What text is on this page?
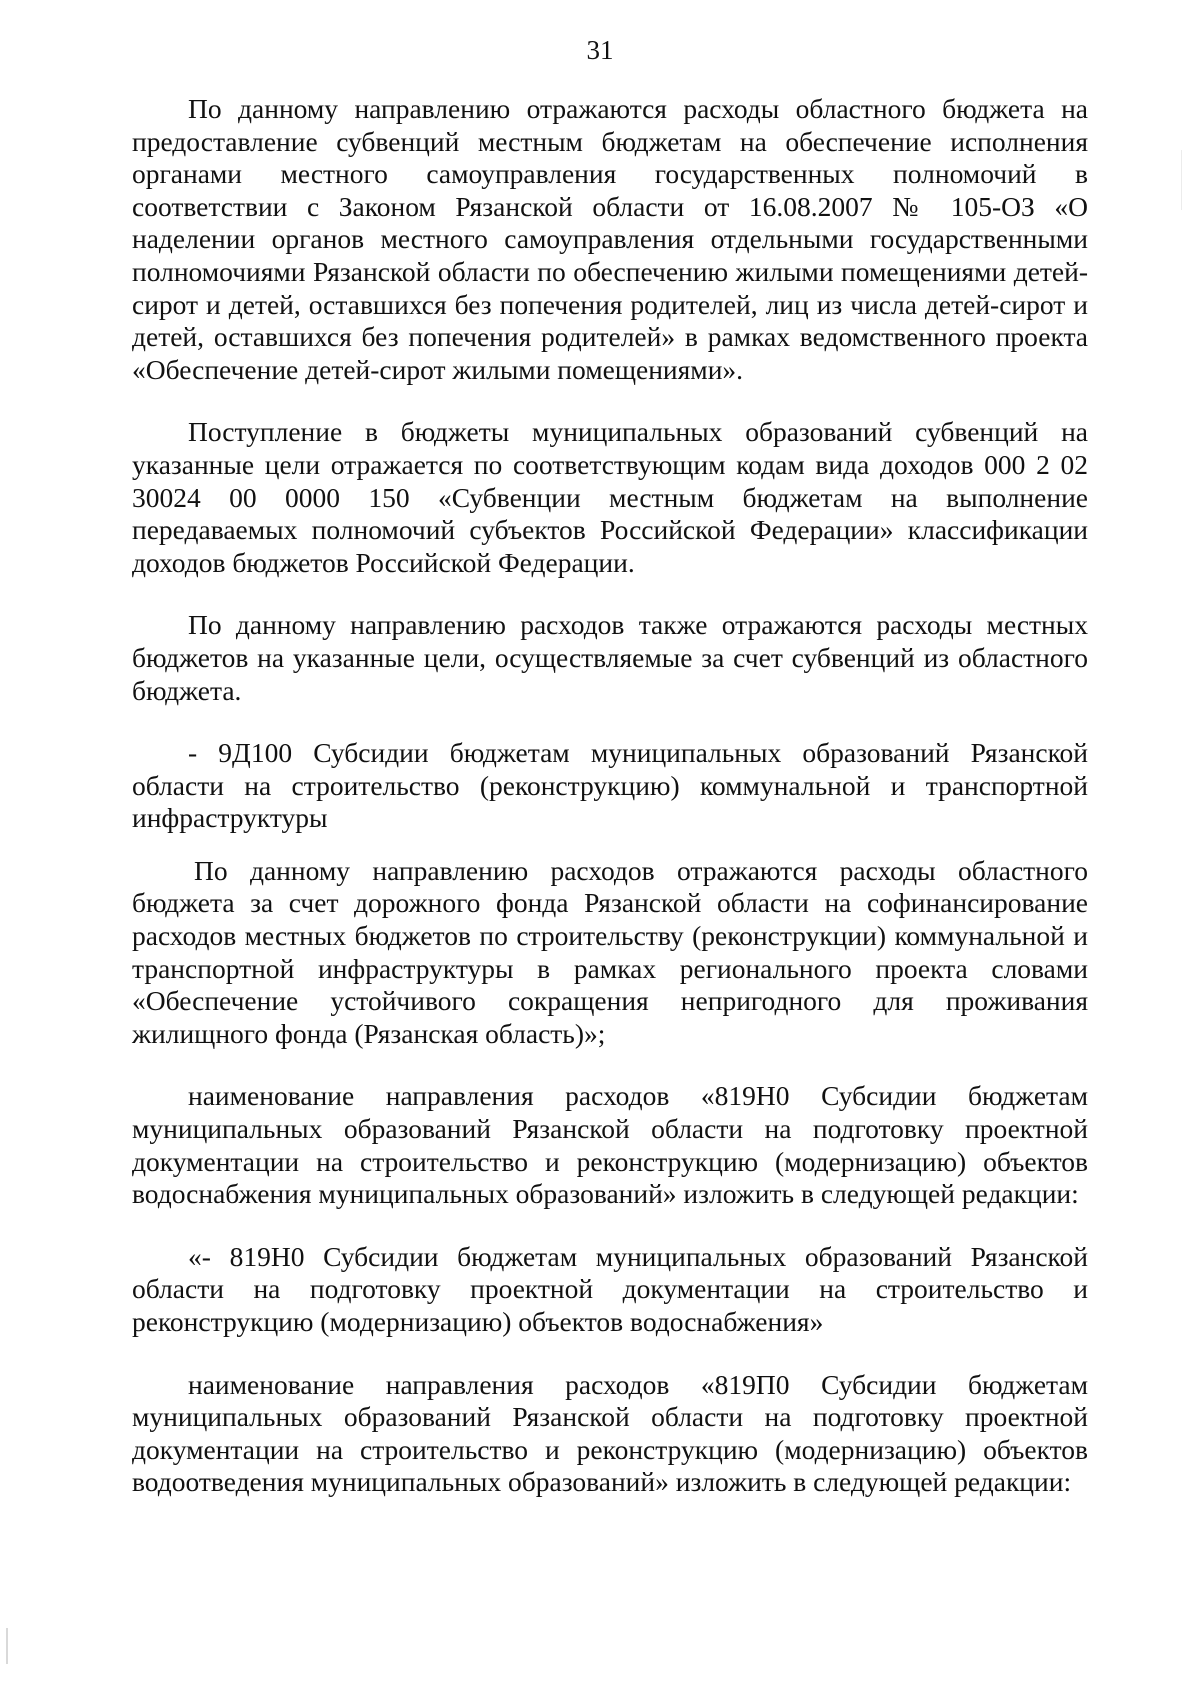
31

По данному направлению отражаются расходы областного бюджета на предоставление субвенций местным бюджетам на обеспечение исполнения органами местного самоуправления государственных полномочий в соответствии с Законом Рязанской области от 16.08.2007 № 105-ОЗ «О наделении органов местного самоуправления отдельными государственными полномочиями Рязанской области по обеспечению жилыми помещениями детей-сирот и детей, оставшихся без попечения родителей, лиц из числа детей-сирот и детей, оставшихся без попечения родителей» в рамках ведомственного проекта «Обеспечение детей-сирот жилыми помещениями».

Поступление в бюджеты муниципальных образований субвенций на указанные цели отражается по соответствующим кодам вида доходов 000 2 02 30024 00 0000 150 «Субвенции местным бюджетам на выполнение передаваемых полномочий субъектов Российской Федерации» классификации доходов бюджетов Российской Федерации.

По данному направлению расходов также отражаются расходы местных бюджетов на указанные цели, осуществляемые за счет субвенций из областного бюджета.

- 9Д100 Субсидии бюджетам муниципальных образований Рязанской области на строительство (реконструкцию) коммунальной и транспортной инфраструктуры

По данному направлению расходов отражаются расходы областного бюджета за счет дорожного фонда Рязанской области на софинансирование расходов местных бюджетов по строительству (реконструкции) коммунальной и транспортной инфраструктуры в рамках регионального проекта словами «Обеспечение устойчивого сокращения непригодного для проживания жилищного фонда (Рязанская область)»;

наименование направления расходов «819Н0 Субсидии бюджетам муниципальных образований Рязанской области на подготовку проектной документации на строительство и реконструкцию (модернизацию) объектов водоснабжения муниципальных образований» изложить в следующей редакции:

«- 819Н0 Субсидии бюджетам муниципальных образований Рязанской области на подготовку проектной документации на строительство и реконструкцию (модернизацию) объектов водоснабжения»

наименование направления расходов «819П0 Субсидии бюджетам муниципальных образований Рязанской области на подготовку проектной документации на строительство и реконструкцию (модернизацию) объектов водоотведения муниципальных образований» изложить в следующей редакции:
